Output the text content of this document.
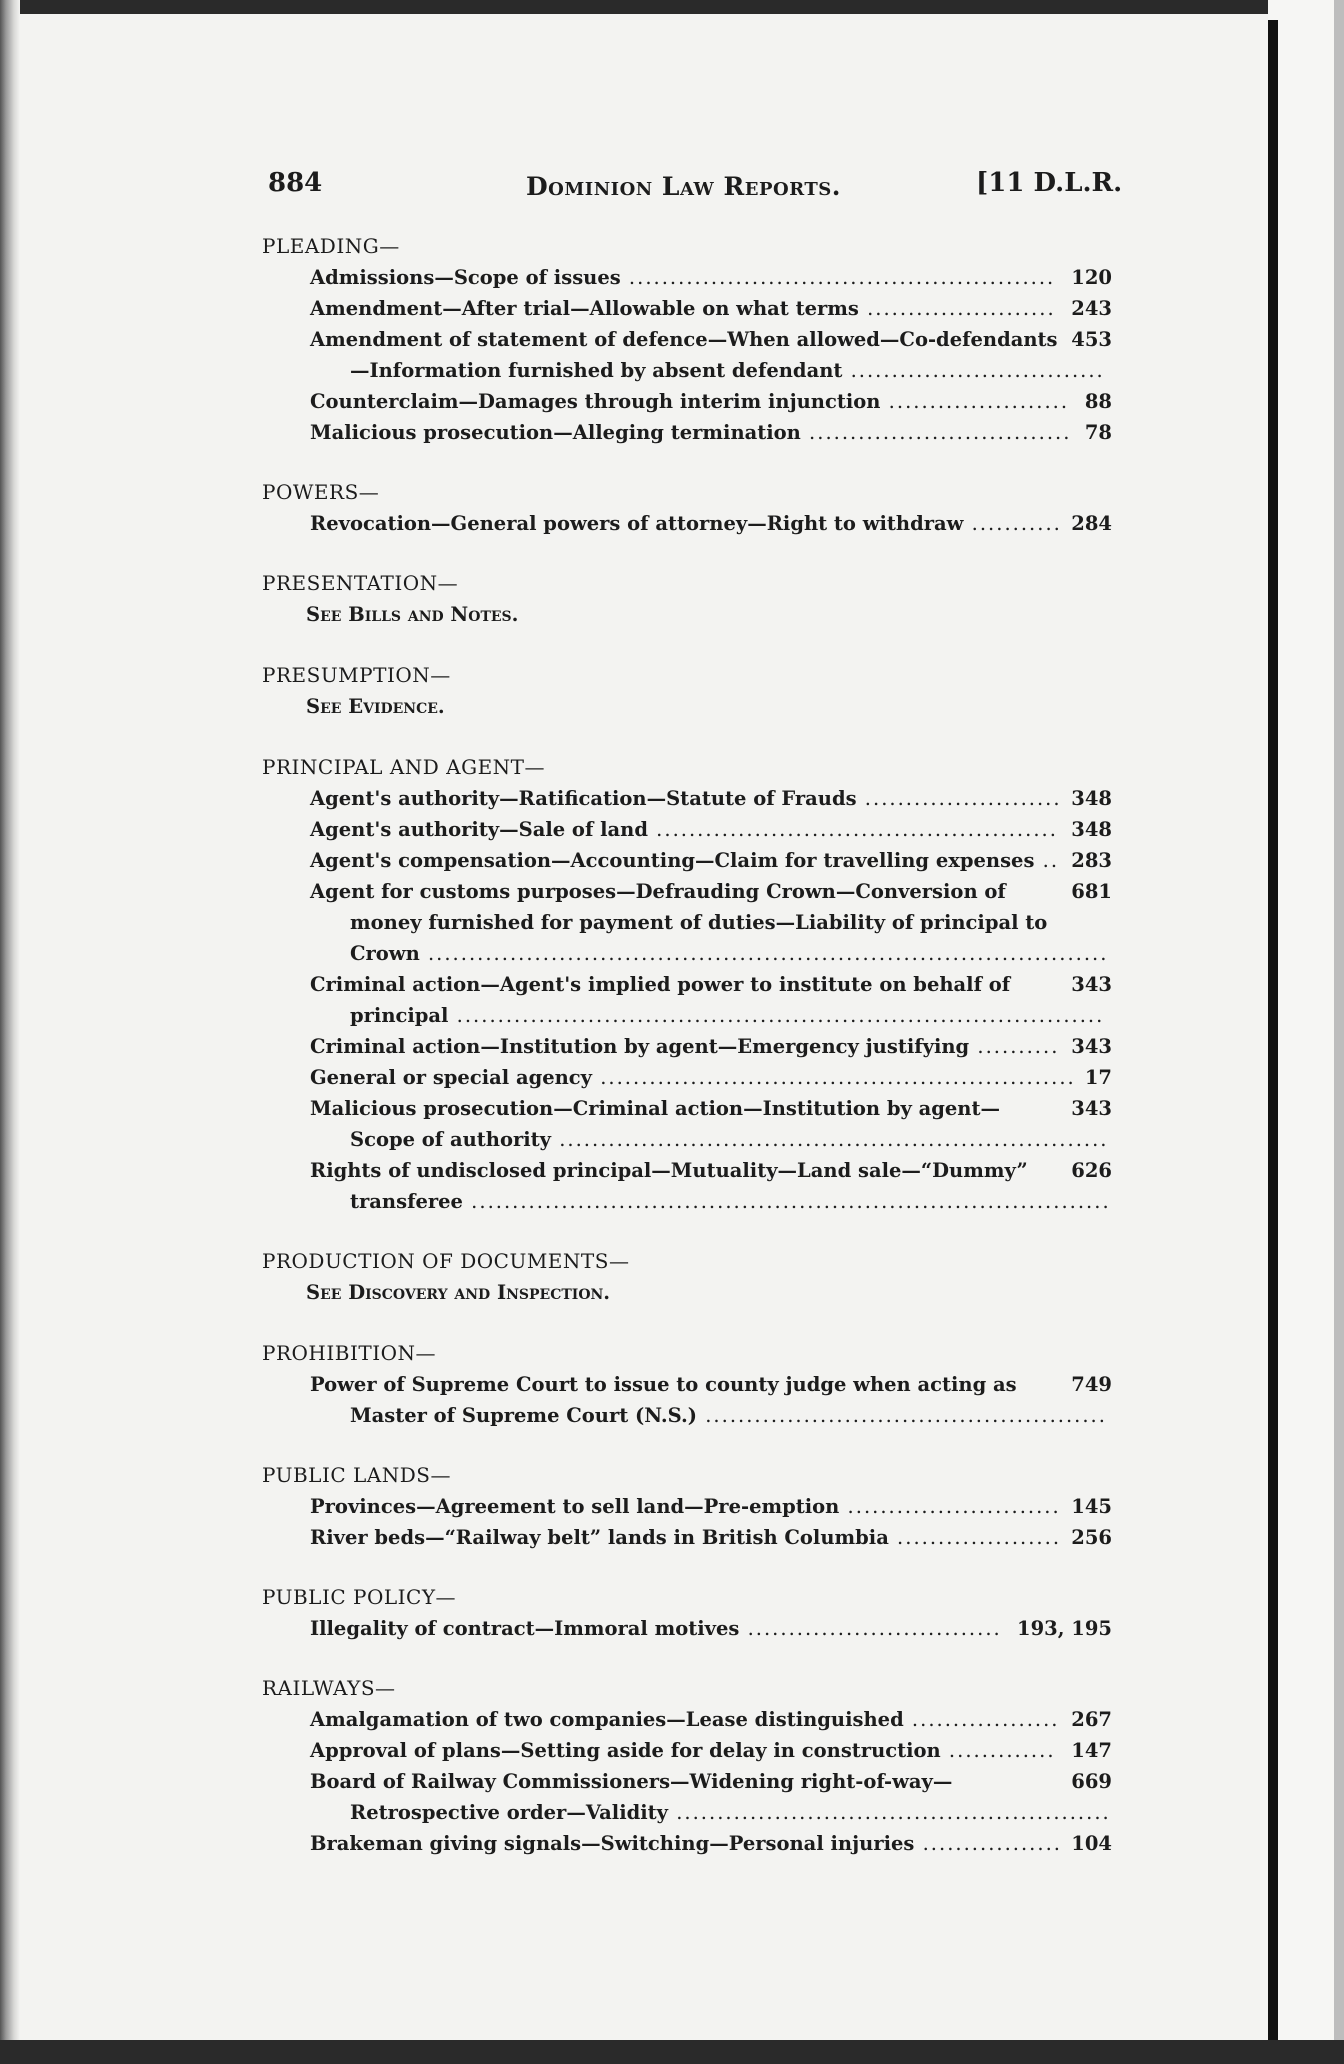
884	Dominion Law Reports.	[11 D.L.R.
PLEADING—
120
Admissions—Scope of issues ....................................................
243
Amendment—After trial—Allowable on what terms .......................
453
Amendment of statement of defence—When allowed—Co-defendants—Information furnished by absent defendant ...............................
88
Counterclaim—Damages through interim injunction ......................
78
Malicious prosecution—Alleging termination ................................
POWERS—
284
Revocation—General powers of attorney—Right to withdraw ...........
PRESENTATION—
See Bills and Notes.
PRESUMPTION—
See Evidence.
PRINCIPAL AND AGENT—
348
Agent's authority—Ratification—Statute of Frauds ........................
348
Agent's authority—Sale of land .................................................
283
Agent's compensation—Accounting—Claim for travelling expenses ..
681
Agent for customs purposes—Defrauding Crown—Conversion of money furnished for payment of duties—Liability of principal to Crown ...................................................................................
343
Criminal action—Agent's implied power to institute on behalf of principal ...............................................................................
343
Criminal action—Institution by agent—Emergency justifying ..........
17
General or special agency ..........................................................
343
Malicious prosecution—Criminal action—Institution by agent—Scope of authority ...................................................................
626
Rights of undisclosed principal—Mutuality—Land sale—“Dummy” transferee ..............................................................................
PRODUCTION OF DOCUMENTS—
See Discovery and Inspection.
PROHIBITION—
749
Power of Supreme Court to issue to county judge when acting as Master of Supreme Court (N.S.) .................................................
PUBLIC LANDS—
145
Provinces—Agreement to sell land—Pre-emption ..........................
256
River beds—“Railway belt” lands in British Columbia ....................
PUBLIC POLICY—
193, 195
Illegality of contract—Immoral motives ...............................
RAILWAYS—
267
Amalgamation of two companies—Lease distinguished ..................
147
Approval of plans—Setting aside for delay in construction .............
669
Board of Railway Commissioners—Widening right-of-way—Retrospective order—Validity .....................................................
104
Brakeman giving signals—Switching—Personal injuries .................
